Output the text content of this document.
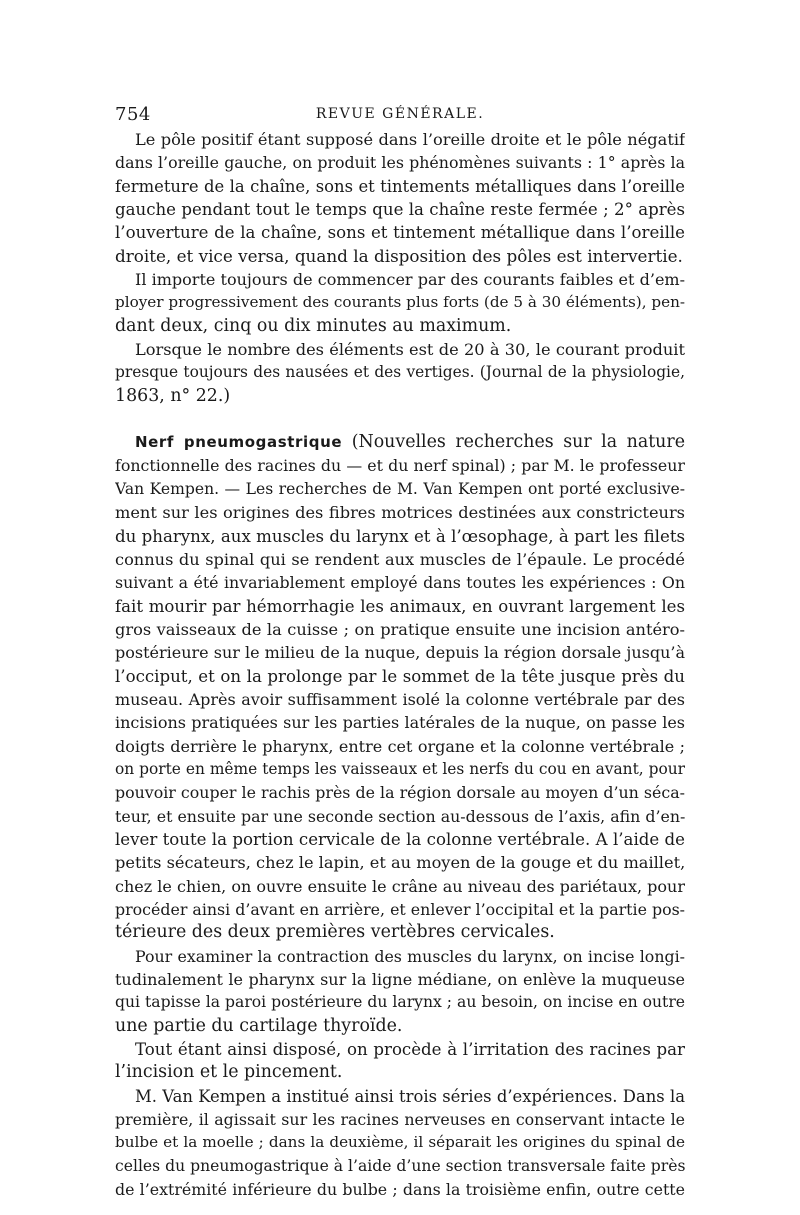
754	REVUE GÉNÉRALE.
Le pôle positif étant supposé dans l’oreille droite et le pôle négatif
dans l’oreille gauche, on produit les phénomènes suivants : 1° après la
fermeture de la chaîne, sons et tintements métalliques dans l’oreille
gauche pendant tout le temps que la chaîne reste fermée ; 2° après
l’ouverture de la chaîne, sons et tintement métallique dans l’oreille
droite, et vice versa, quand la disposition des pôles est intervertie.
Il importe toujours de commencer par des courants faibles et d’em-
ployer progressivement des courants plus forts (de 5 à 30 éléments), pen-
dant deux, cinq ou dix minutes au maximum.
Lorsque le nombre des éléments est de 20 à 30, le courant produit
presque toujours des nausées et des vertiges. (Journal de la physiologie,
1863, n° 22.)
Nerf pneumogastrique (Nouvelles recherches sur la nature
fonctionnelle des racines du — et du nerf spinal) ; par M. le professeur
Van Kempen. — Les recherches de M. Van Kempen ont porté exclusive-
ment sur les origines des fibres motrices destinées aux constricteurs
du pharynx, aux muscles du larynx et à l’œsophage, à part les filets
connus du spinal qui se rendent aux muscles de l’épaule. Le procédé
suivant a été invariablement employé dans toutes les expériences : On
fait mourir par hémorrhagie les animaux, en ouvrant largement les
gros vaisseaux de la cuisse ; on pratique ensuite une incision antéro-
postérieure sur le milieu de la nuque, depuis la région dorsale jusqu’à
l’occiput, et on la prolonge par le sommet de la tête jusque près du
museau. Après avoir suffisamment isolé la colonne vertébrale par des
incisions pratiquées sur les parties latérales de la nuque, on passe les
doigts derrière le pharynx, entre cet organe et la colonne vertébrale ;
on porte en même temps les vaisseaux et les nerfs du cou en avant, pour
pouvoir couper le rachis près de la région dorsale au moyen d’un séca-
teur, et ensuite par une seconde section au-dessous de l’axis, afin d’en-
lever toute la portion cervicale de la colonne vertébrale. A l’aide de
petits sécateurs, chez le lapin, et au moyen de la gouge et du maillet,
chez le chien, on ouvre ensuite le crâne au niveau des pariétaux, pour
procéder ainsi d’avant en arrière, et enlever l’occipital et la partie pos-
térieure des deux premières vertèbres cervicales.
Pour examiner la contraction des muscles du larynx, on incise longi-
tudinalement le pharynx sur la ligne médiane, on enlève la muqueuse
qui tapisse la paroi postérieure du larynx ; au besoin, on incise en outre
une partie du cartilage thyroïde.
Tout étant ainsi disposé, on procède à l’irritation des racines par
l’incision et le pincement.
M. Van Kempen a institué ainsi trois séries d’expériences. Dans la
première, il agissait sur les racines nerveuses en conservant intacte le
bulbe et la moelle ; dans la deuxième, il séparait les origines du spinal de
celles du pneumogastrique à l’aide d’une section transversale faite près
de l’extrémité inférieure du bulbe ; dans la troisième enfin, outre cette
